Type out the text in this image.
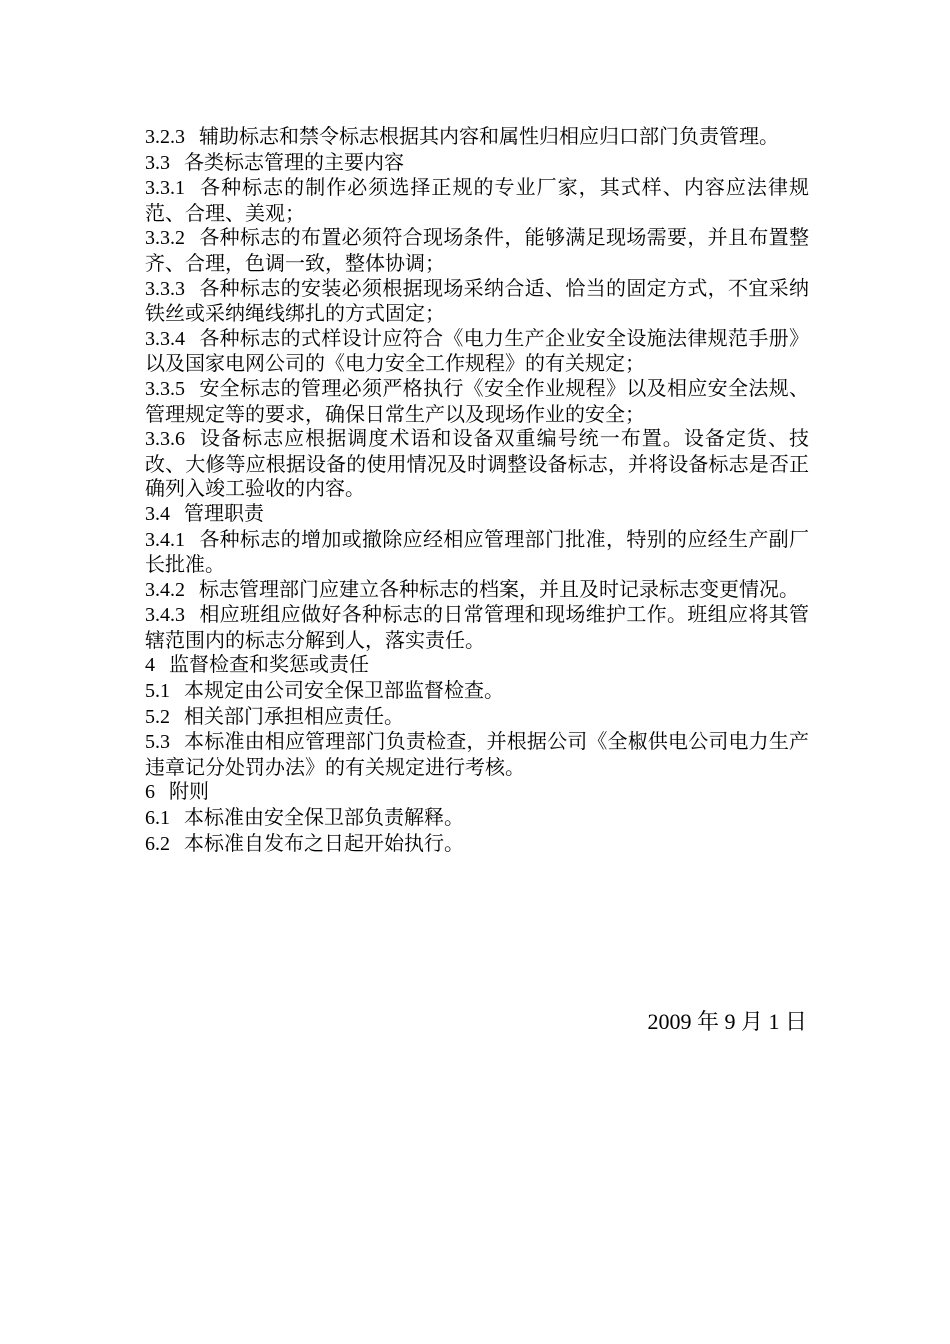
3.2.3 辅助标志和禁令标志根据其内容和属性归相应归口部门负责管理。

3.3 各类标志管理的主要内容

3.3.1 各种标志的制作必须选择正规的专业厂家，其式样、内容应法律规范、合理、美观；

3.3.2 各种标志的布置必须符合现场条件，能够满足现场需要，并且布置整齐、合理，色调一致，整体协调；

3.3.3 各种标志的安装必须根据现场采纳合适、恰当的固定方式，不宜采纳铁丝或采纳绳线绑扎的方式固定；

3.3.4 各种标志的式样设计应符合《电力生产企业安全设施法律规范手册》以及国家电网公司的《电力安全工作规程》的有关规定；

3.3.5 安全标志的管理必须严格执行《安全作业规程》以及相应安全法规、管理规定等的要求，确保日常生产以及现场作业的安全；

3.3.6 设备标志应根据调度术语和设备双重编号统一布置。设备定货、技改、大修等应根据设备的使用情况及时调整设备标志，并将设备标志是否正确列入竣工验收的内容。

3.4 管理职责

3.4.1 各种标志的增加或撤除应经相应管理部门批准，特别的应经生产副厂长批准。

3.4.2 标志管理部门应建立各种标志的档案，并且及时记录标志变更情况。

3.4.3 相应班组应做好各种标志的日常管理和现场维护工作。班组应将其管辖范围内的标志分解到人，落实责任。

4 监督检查和奖惩或责任

5.1 本规定由公司安全保卫部监督检查。

5.2 相关部门承担相应责任。

5.3 本标准由相应管理部门负责检查，并根据公司《全椒供电公司电力生产违章记分处罚办法》的有关规定进行考核。

6 附则

6.1 本标准由安全保卫部负责解释。

6.2 本标准自发布之日起开始执行。

2009 年 9 月 1 日
